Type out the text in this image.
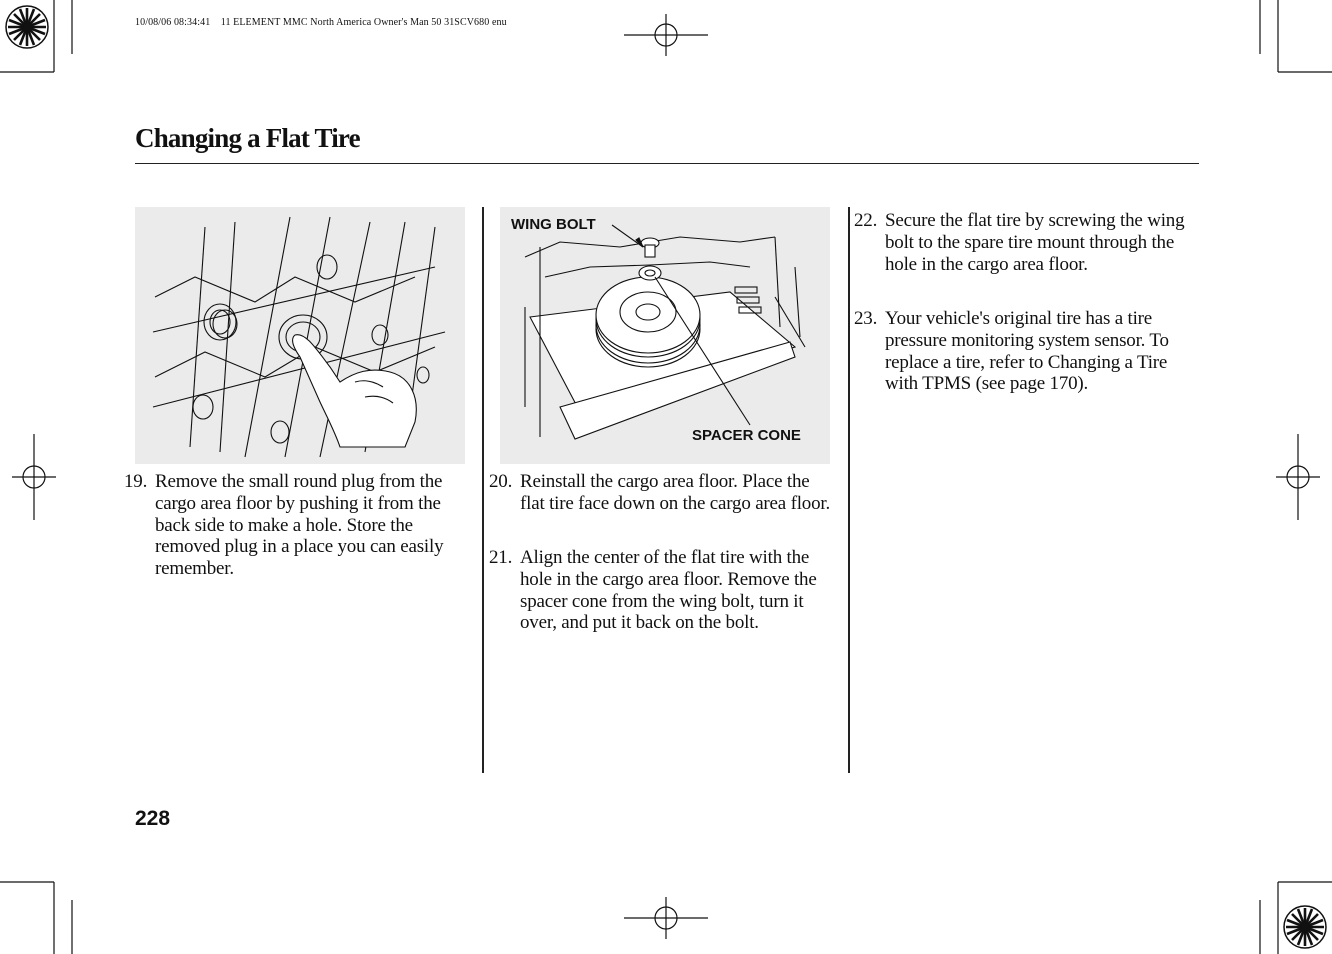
10/08/06 08:34:41    11 ELEMENT MMC North America Owner's Man 50 31SCV680 enu
Changing a Flat Tire
WING BOLT
SPACER CONE
19. Remove the small round plug from the cargo area floor by pushing it from the back side to make a hole. Store the removed plug in a place you can easily remember.
20. Reinstall the cargo area floor. Place the flat tire face down on the cargo area floor.
21. Align the center of the flat tire with the hole in the cargo area floor. Remove the spacer cone from the wing bolt, turn it over, and put it back on the bolt.
22. Secure the flat tire by screwing the wing bolt to the spare tire mount through the hole in the cargo area floor.
23. Your vehicle's original tire has a tire pressure monitoring system sensor. To replace a tire, refer to Changing a Tire with TPMS (see page 170).
228
